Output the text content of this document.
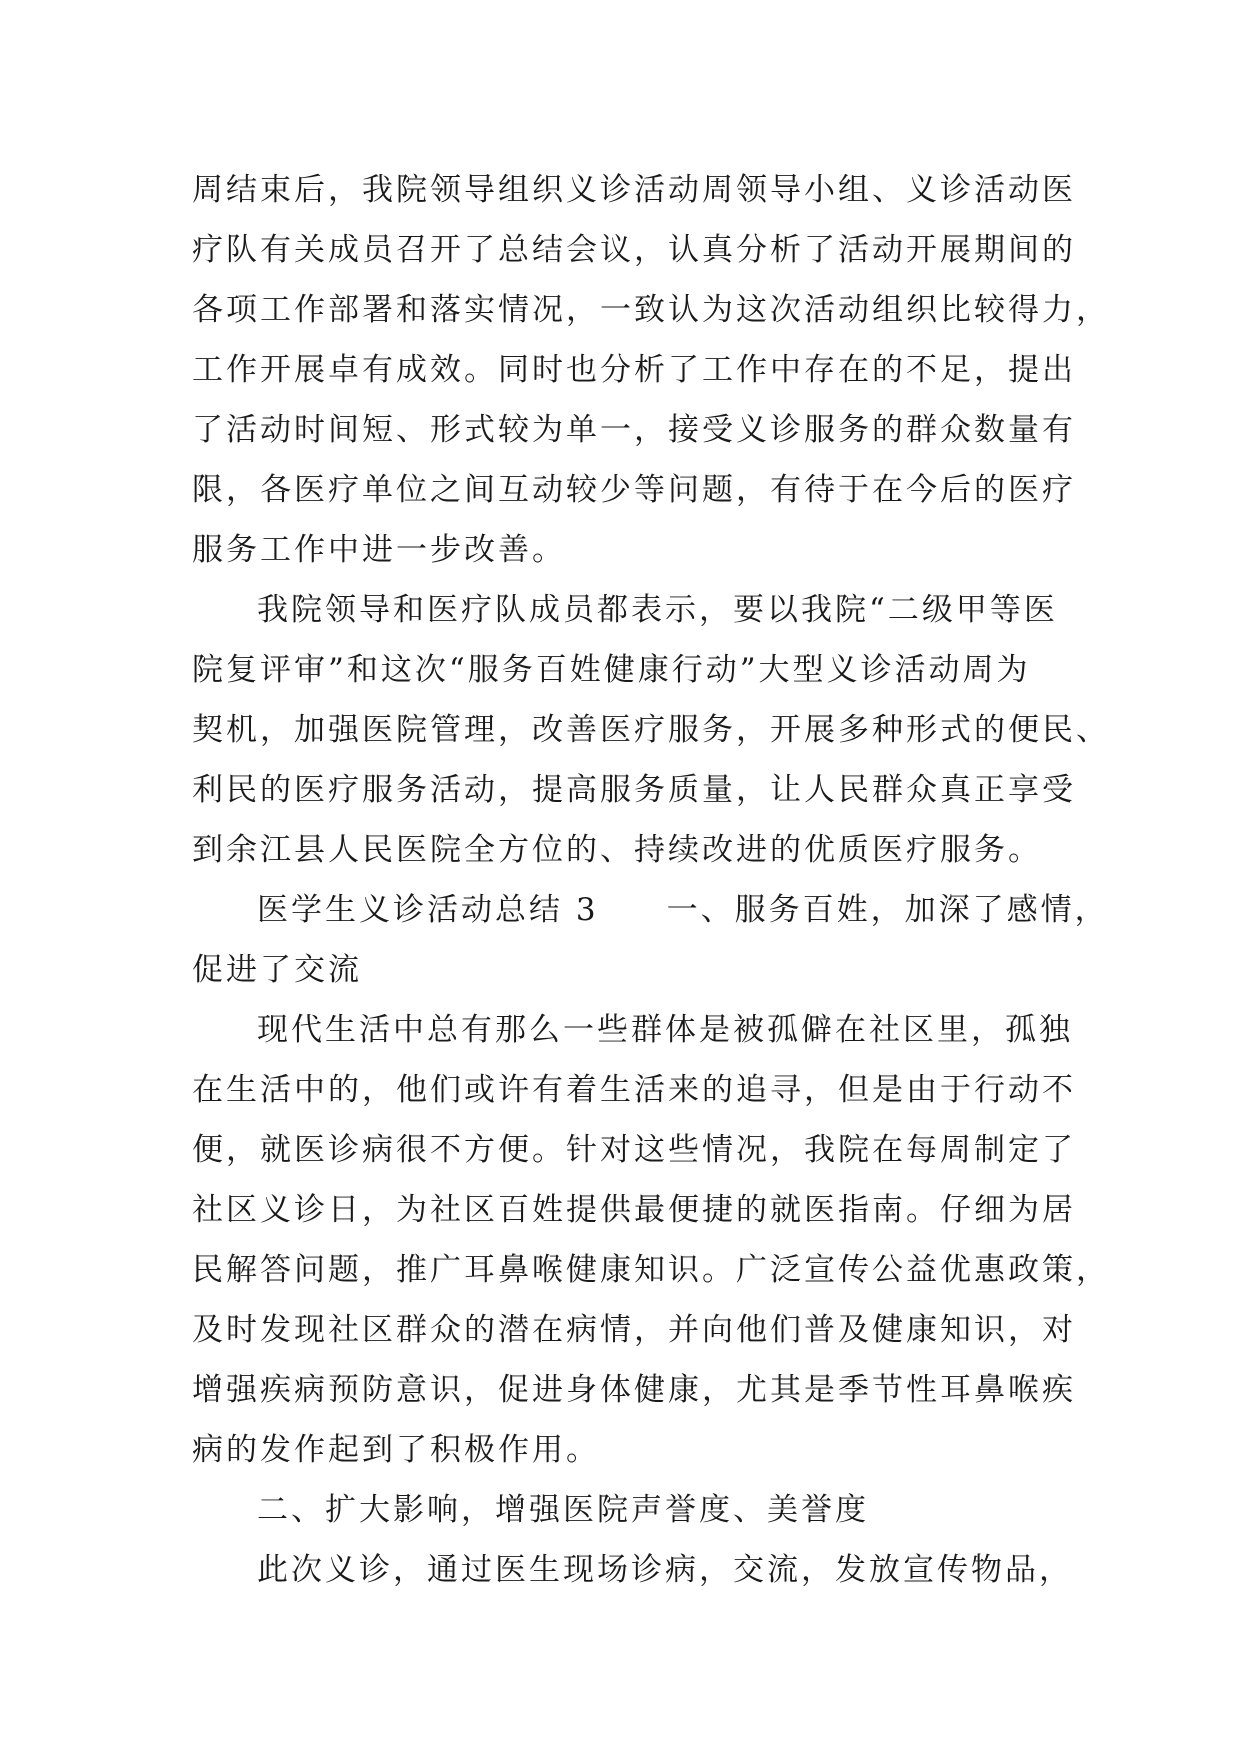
周结束后，我院领导组织义诊活动周领导小组、义诊活动医
疗队有关成员召开了总结会议，认真分析了活动开展期间的
各项工作部署和落实情况，一致认为这次活动组织比较得力，
工作开展卓有成效。同时也分析了工作中存在的不足，提出
了活动时间短、形式较为单一，接受义诊服务的群众数量有
限，各医疗单位之间互动较少等问题，有待于在今后的医疗
服务工作中进一步改善。
我院领导和医疗队成员都表示，要以我院“二级甲等医
院复评审”和这次“服务百姓健康行动”大型义诊活动周为
契机，加强医院管理，改善医疗服务，开展多种形式的便民、
利民的医疗服务活动，提高服务质量，让人民群众真正享受
到余江县人民医院全方位的、持续改进的优质医疗服务。
医学生义诊活动总结 3　　一、服务百姓，加深了感情，
促进了交流
现代生活中总有那么一些群体是被孤僻在社区里，孤独
在生活中的，他们或许有着生活来的追寻，但是由于行动不
便，就医诊病很不方便。针对这些情况，我院在每周制定了
社区义诊日，为社区百姓提供最便捷的就医指南。仔细为居
民解答问题，推广耳鼻喉健康知识。广泛宣传公益优惠政策，
及时发现社区群众的潜在病情，并向他们普及健康知识，对
增强疾病预防意识，促进身体健康，尤其是季节性耳鼻喉疾
病的发作起到了积极作用。
二、扩大影响，增强医院声誉度、美誉度
此次义诊，通过医生现场诊病，交流，发放宣传物品，
